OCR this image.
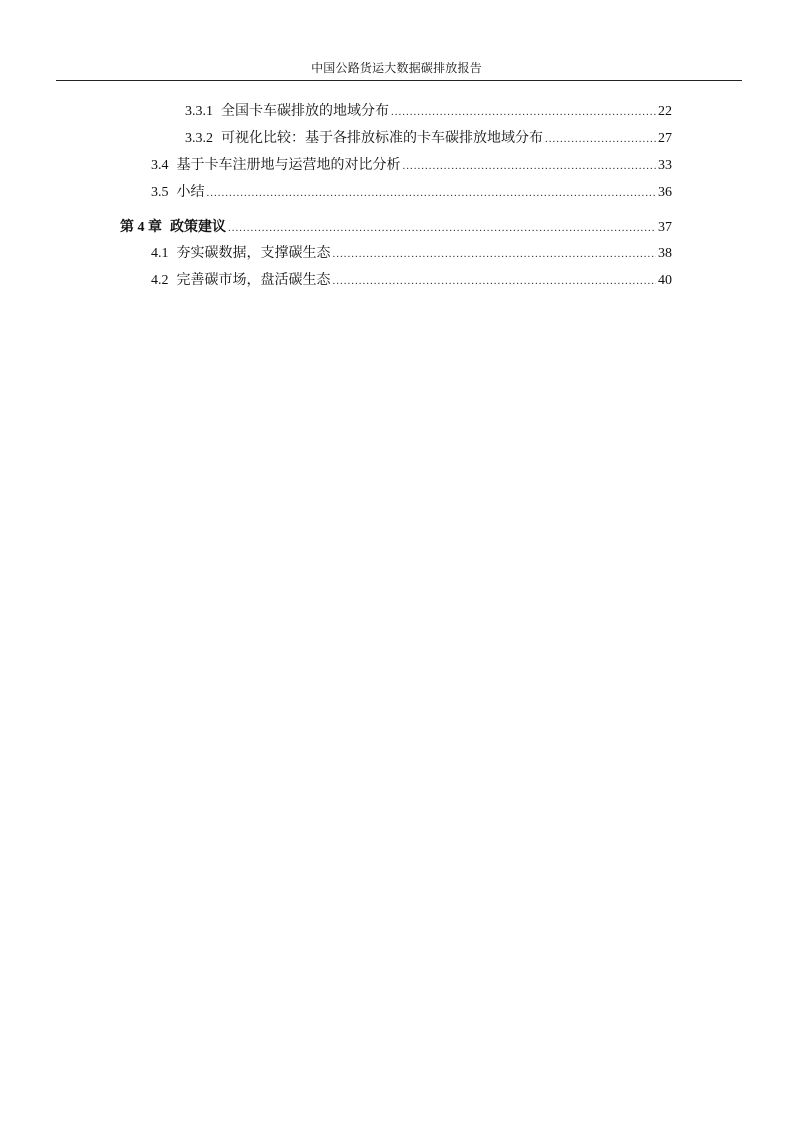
中国公路货运大数据碳排放报告
3.3.1 全国卡车碳排放的地域分布 .....	22
3.3.2 可视化比较：基于各排放标准的卡车碳排放地域分布 .....	27
3.4 基于卡车注册地与运营地的对比分析 .....	33
3.5 小结 .....	36
第 4 章 政策建议 .....	37
4.1 夯实碳数据，支撑碳生态 .....	38
4.2 完善碳市场，盘活碳生态 .....	40
